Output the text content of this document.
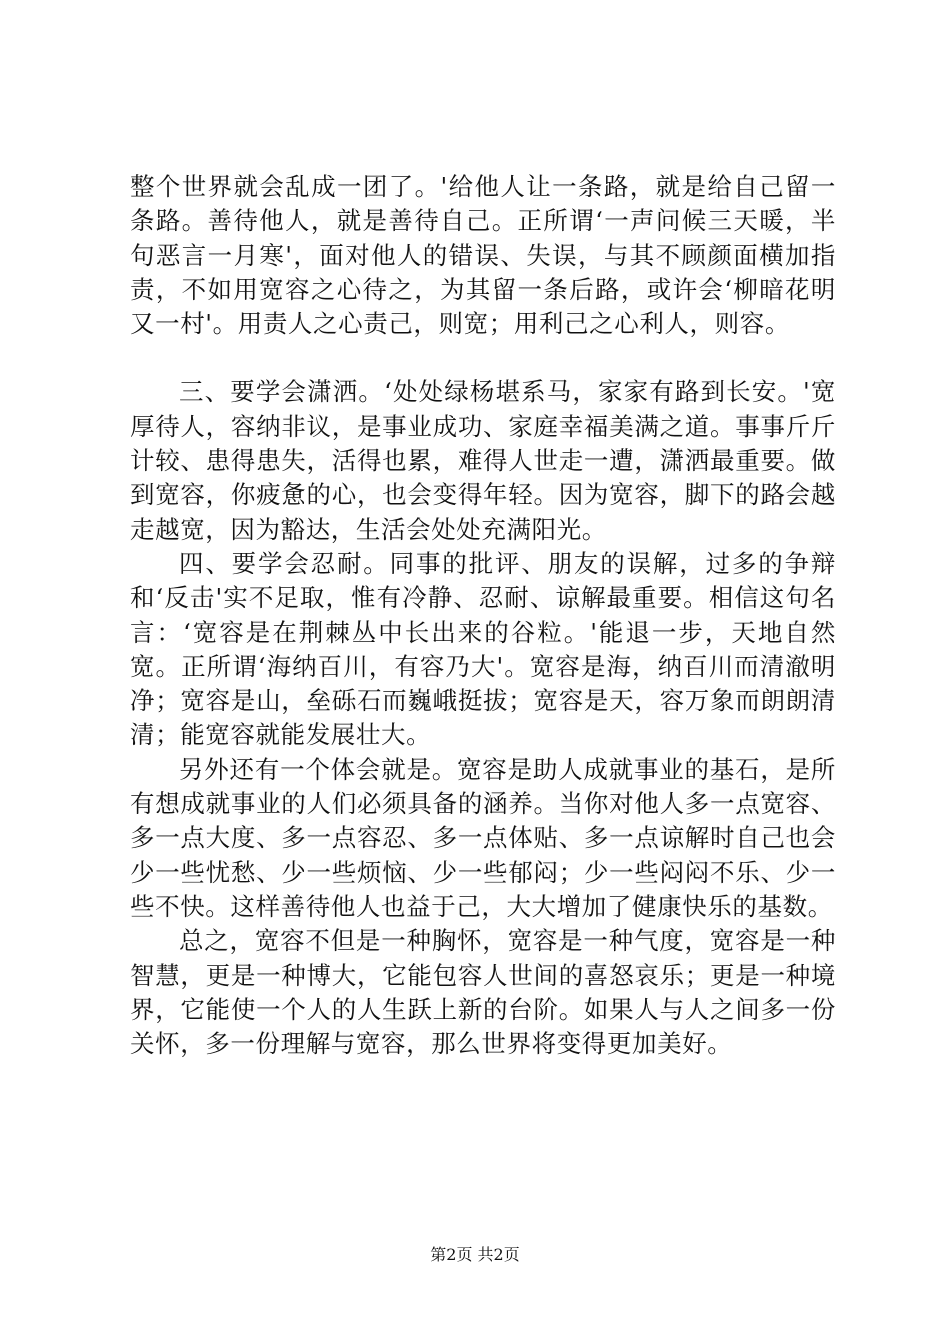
整个世界就会乱成一团了。'给他人让一条路，就是给自己留一条路。善待他人，就是善待自己。正所谓‘一声问候三天暖，半句恶言一月寒'，面对他人的错误、失误，与其不顾颜面横加指责，不如用宽容之心待之，为其留一条后路，或许会‘柳暗花明又一村'。用责人之心责己，则宽；用利己之心利人，则容。

三、要学会潇洒。‘处处绿杨堪系马，家家有路到长安。'宽厚待人，容纳非议，是事业成功、家庭幸福美满之道。事事斤斤计较、患得患失，活得也累，难得人世走一遭，潇洒最重要。做到宽容，你疲惫的心，也会变得年轻。因为宽容，脚下的路会越走越宽，因为豁达，生活会处处充满阳光。

四、要学会忍耐。同事的批评、朋友的误解，过多的争辩和‘反击'实不足取，惟有冷静、忍耐、谅解最重要。相信这句名言：‘宽容是在荆棘丛中长出来的谷粒。'能退一步，天地自然宽。正所谓‘海纳百川，有容乃大'。宽容是海，纳百川而清澈明净；宽容是山，垒砾石而巍峨挺拔；宽容是天，容万象而朗朗清清；能宽容就能发展壮大。

另外还有一个体会就是。宽容是助人成就事业的基石，是所有想成就事业的人们必须具备的涵养。当你对他人多一点宽容、多一点大度、多一点容忍、多一点体贴、多一点谅解时自己也会少一些忧愁、少一些烦恼、少一些郁闷；少一些闷闷不乐、少一些不快。这样善待他人也益于己，大大增加了健康快乐的基数。

总之，宽容不但是一种胸怀，宽容是一种气度，宽容是一种智慧，更是一种博大，它能包容人世间的喜怒哀乐；更是一种境界，它能使一个人的人生跃上新的台阶。如果人与人之间多一份关怀，多一份理解与宽容，那么世界将变得更加美好。

第2页 共2页
